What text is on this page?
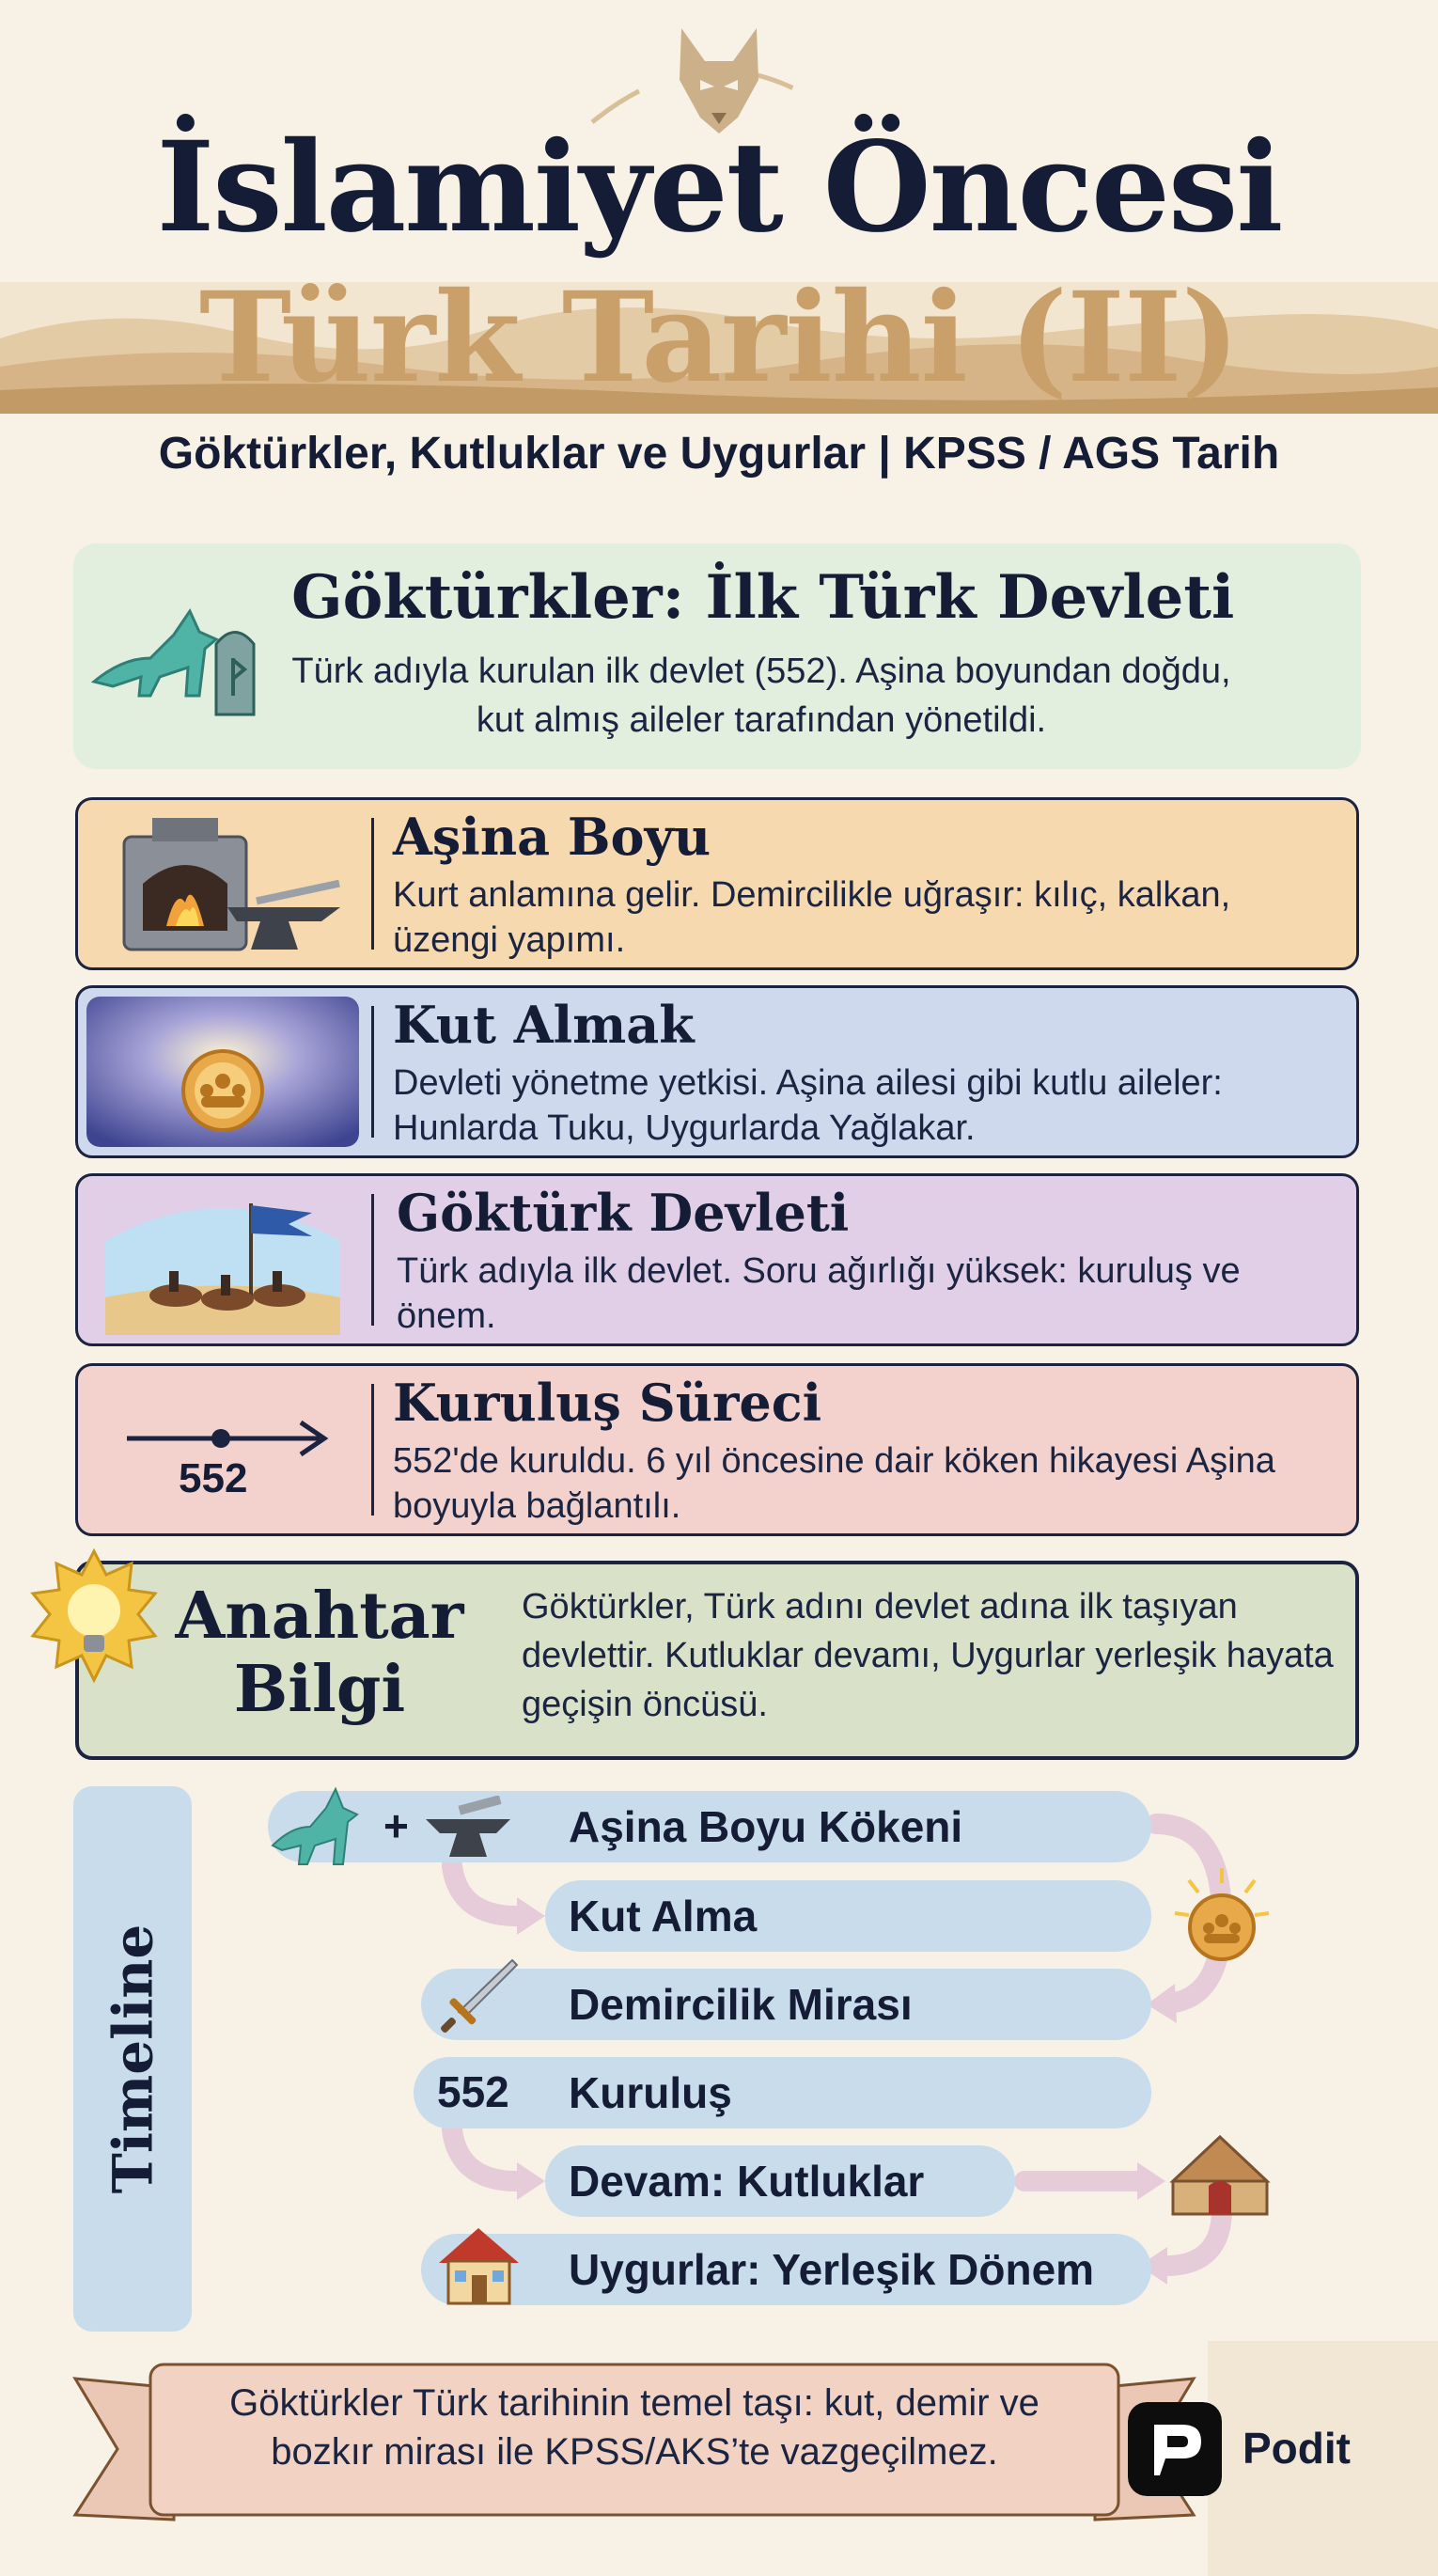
İslamiyet Öncesi
Türk Tarihi (II)
Göktürkler, Kutluklar ve Uygurlar | KPSS / AGS Tarih
Göktürkler: İlk Türk Devleti
Türk adıyla kurulan ilk devlet (552). Aşina boyundan doğdu, kut almış aileler tarafından yönetildi.
Aşina Boyu
Kurt anlamına gelir. Demircilikle uğraşır: kılıç, kalkan, üzengi yapımı.
Kut Almak
Devleti yönetme yetkisi. Aşina ailesi gibi kutlu aileler: Hunlarda Tuku, Uygurlarda Yağlakar.
Göktürk Devleti
Türk adıyla ilk devlet. Soru ağırlığı yüksek: kuruluş ve önem.
552
Kuruluş Süreci
552'de kuruldu. 6 yıl öncesine dair köken hikayesi Aşina boyuyla bağlantılı.
Anahtar
Bilgi
Göktürkler, Türk adını devlet adına ilk taşıyan devlettir. Kutluklar devamı, Uygurlar yerleşik hayata geçişin öncüsü.
Timeline
+	Aşina Boyu Kökeni
Kut Alma
Demircilik Mirası
552 Kuruluş
Devam: Kutluklar
Uygurlar: Yerleşik Dönem
Göktürkler Türk tarihinin temel taşı: kut, demir ve bozkır mirası ile KPSS/AKS’te vazgeçilmez.	Podit
